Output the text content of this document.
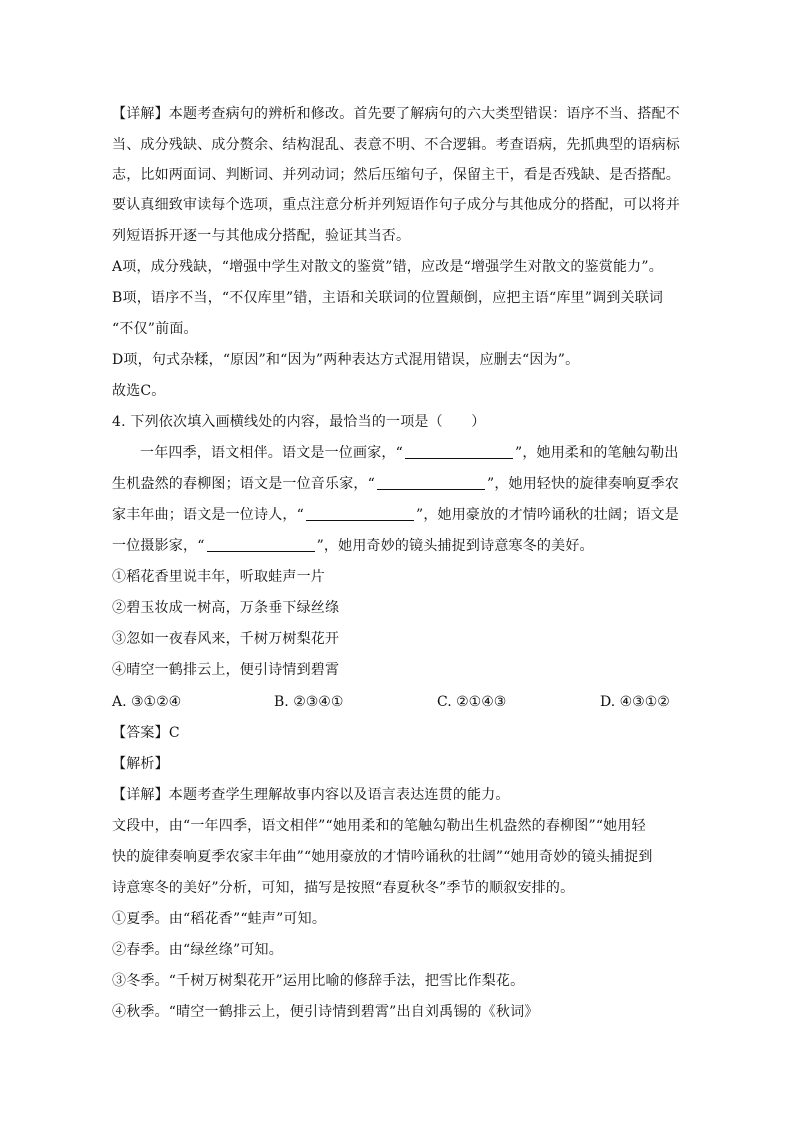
【详解】本题考查病句的辨析和修改。首先要了解病句的六大类型错误：语序不当、搭配不
当、成分残缺、成分赘余、结构混乱、表意不明、不合逻辑。考查语病，先抓典型的语病标
志，比如两面词、判断词、并列动词；然后压缩句子，保留主干，看是否残缺、是否搭配。
要认真细致审读每个选项，重点注意分析并列短语作句子成分与其他成分的搭配，可以将并
列短语拆开逐一与其他成分搭配，验证其当否。
A项，成分残缺，“增强中学生对散文的鉴赏”错，应改是“增强学生对散文的鉴赏能力”。
B项，语序不当，“不仅库里”错，主语和关联词的位置颠倒，应把主语“库里”调到关联词
“不仅”前面。
D项，句式杂糅，“原因”和“因为”两种表达方式混用错误，应删去“因为”。
故选C。
4. 下列依次填入画横线处的内容，最恰当的一项是（　　）
一年四季，语文相伴。语文是一位画家，“	”，她用柔和的笔触勾勒出
生机盎然的春柳图；语文是一位音乐家，“	”，她用轻快的旋律奏响夏季农
家丰年曲；语文是一位诗人，“	”，她用豪放的才情吟诵秋的壮阔；语文是
一位摄影家，“	”，她用奇妙的镜头捕捉到诗意寒冬的美好。
①稻花香里说丰年，听取蛙声一片
②碧玉妆成一树高，万条垂下绿丝绦
③忽如一夜春风来，千树万树梨花开
④晴空一鹤排云上，便引诗情到碧霄
A. ③①②④	B. ②③④①	C. ②①④③	D. ④③①②
【答案】C
【解析】
【详解】本题考查学生理解故事内容以及语言表达连贯的能力。
文段中，由“一年四季，语文相伴”“她用柔和的笔触勾勒出生机盎然的春柳图”“她用轻
快的旋律奏响夏季农家丰年曲”“她用豪放的才情吟诵秋的壮阔”“她用奇妙的镜头捕捉到
诗意寒冬的美好”分析，可知，描写是按照“春夏秋冬”季节的顺叙安排的。
①夏季。由“稻花香”“蛙声”可知。
②春季。由“绿丝绦”可知。
③冬季。“千树万树梨花开”运用比喻的修辞手法，把雪比作梨花。
④秋季。“晴空一鹤排云上，便引诗情到碧霄”出自刘禹锡的《秋词》
